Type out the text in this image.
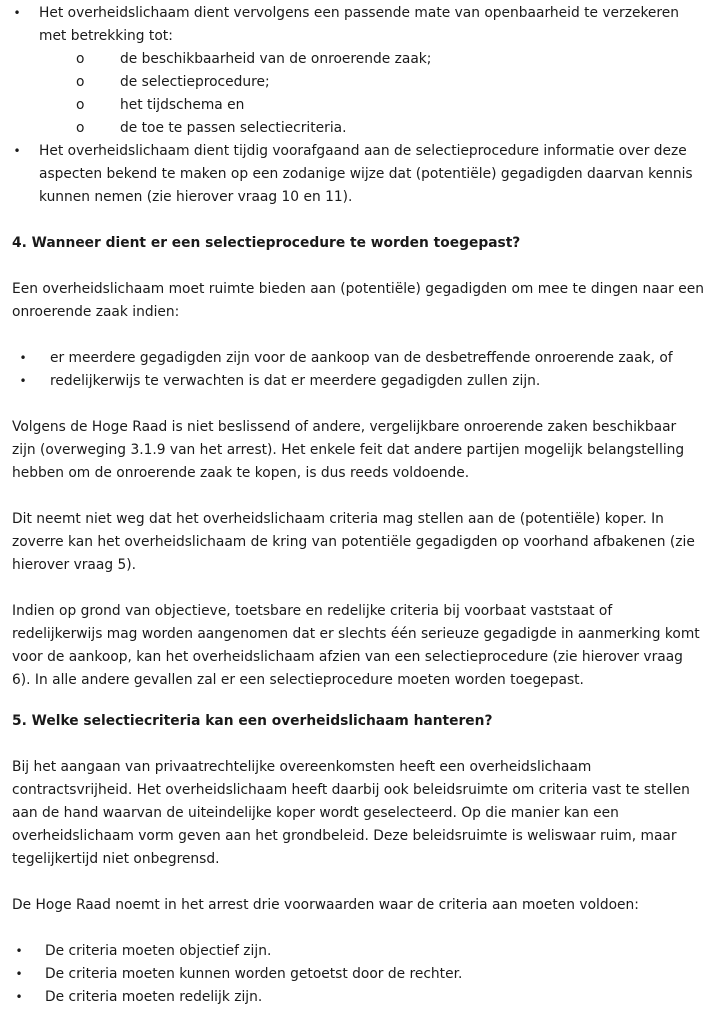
• Het overheidslichaam dient vervolgens een passende mate van openbaarheid te verzekeren
met betrekking tot:
o	de beschikbaarheid van de onroerende zaak;
o	de selectieprocedure;
o	het tijdschema en
o	de toe te passen selectiecriteria.
• Het overheidslichaam dient tijdig voorafgaand aan de selectieprocedure informatie over deze
aspecten bekend te maken op een zodanige wijze dat (potentiële) gegadigden daarvan kennis
kunnen nemen (zie hierover vraag 10 en 11).
4. Wanneer dient er een selectieprocedure te worden toegepast?
Een overheidslichaam moet ruimte bieden aan (potentiële) gegadigden om mee te dingen naar een
onroerende zaak indien:
• er meerdere gegadigden zijn voor de aankoop van de desbetreffende onroerende zaak, of
• redelijkerwijs te verwachten is dat er meerdere gegadigden zullen zijn.
Volgens de Hoge Raad is niet beslissend of andere, vergelijkbare onroerende zaken beschikbaar
zijn (overweging 3.1.9 van het arrest). Het enkele feit dat andere partijen mogelijk belangstelling
hebben om de onroerende zaak te kopen, is dus reeds voldoende.
Dit neemt niet weg dat het overheidslichaam criteria mag stellen aan de (potentiële) koper. In
zoverre kan het overheidslichaam de kring van potentiële gegadigden op voorhand afbakenen (zie
hierover vraag 5).
Indien op grond van objectieve, toetsbare en redelijke criteria bij voorbaat vaststaat of
redelijkerwijs mag worden aangenomen dat er slechts één serieuze gegadigde in aanmerking komt
voor de aankoop, kan het overheidslichaam afzien van een selectieprocedure (zie hierover vraag
6). In alle andere gevallen zal er een selectieprocedure moeten worden toegepast.
5. Welke selectiecriteria kan een overheidslichaam hanteren?
Bij het aangaan van privaatrechtelijke overeenkomsten heeft een overheidslichaam
contractsvrijheid. Het overheidslichaam heeft daarbij ook beleidsruimte om criteria vast te stellen
aan de hand waarvan de uiteindelijke koper wordt geselecteerd. Op die manier kan een
overheidslichaam vorm geven aan het grondbeleid. Deze beleidsruimte is weliswaar ruim, maar
tegelijkertijd niet onbegrensd.
De Hoge Raad noemt in het arrest drie voorwaarden waar de criteria aan moeten voldoen:
• De criteria moeten objectief zijn.
• De criteria moeten kunnen worden getoetst door de rechter.
• De criteria moeten redelijk zijn.
